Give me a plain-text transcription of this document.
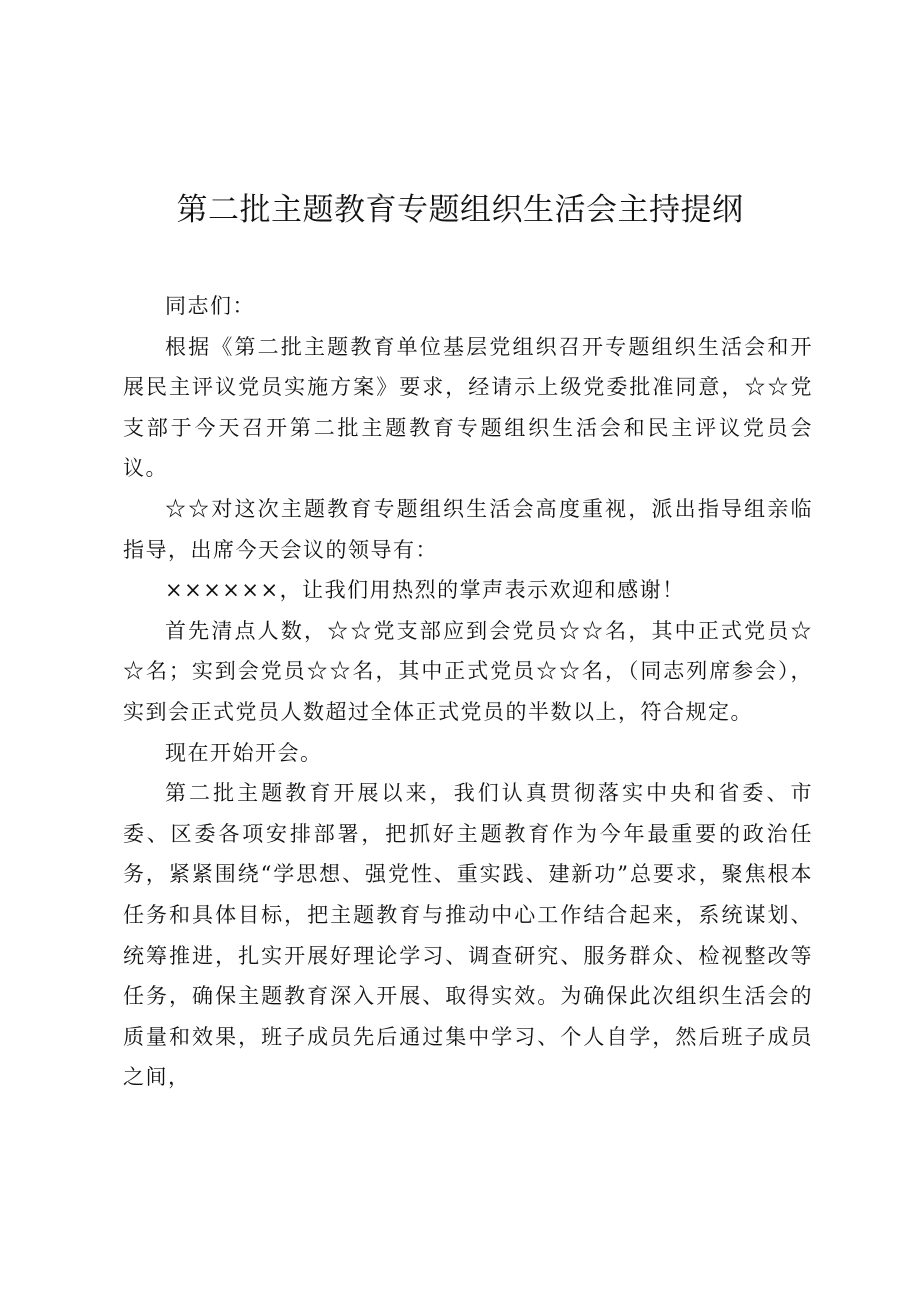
第二批主题教育专题组织生活会主持提纲

同志们：

根据《第二批主题教育单位基层党组织召开专题组织生活会和开展民主评议党员实施方案》要求，经请示上级党委批准同意，☆☆党支部于今天召开第二批主题教育专题组织生活会和民主评议党员会议。

☆☆对这次主题教育专题组织生活会高度重视，派出指导组亲临指导，出席今天会议的领导有：

××××××，让我们用热烈的掌声表示欢迎和感谢！

首先清点人数，☆☆党支部应到会党员☆☆名，其中正式党员☆☆名；实到会党员☆☆名，其中正式党员☆☆名，（同志列席参会），实到会正式党员人数超过全体正式党员的半数以上，符合规定。

现在开始开会。

第二批主题教育开展以来，我们认真贯彻落实中央和省委、市委、区委各项安排部署，把抓好主题教育作为今年最重要的政治任务，紧紧围绕“学思想、强党性、重实践、建新功”总要求，聚焦根本任务和具体目标，把主题教育与推动中心工作结合起来，系统谋划、统筹推进，扎实开展好理论学习、调查研究、服务群众、检视整改等任务，确保主题教育深入开展、取得实效。为确保此次组织生活会的质量和效果，班子成员先后通过集中学习、个人自学，然后班子成员之间，
